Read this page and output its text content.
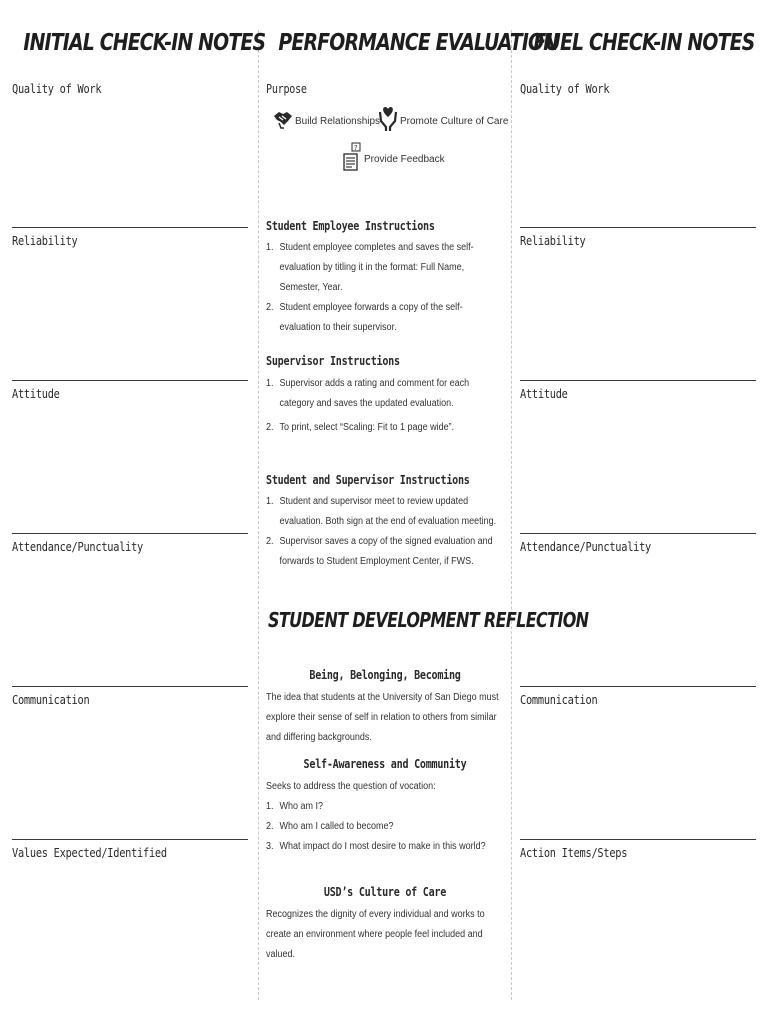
INITIAL CHECK-IN NOTES
Quality of Work
Reliability
Attitude
Attendance/Punctuality
Communication
Values Expected/Identified
FUEL CHECK-IN NOTES
Quality of Work
Reliability
Attitude
Attendance/Punctuality
Communication
Action Items/Steps
PERFORMANCE EVALUATION
Purpose
Build Relationships Promote Culture of Care
?
Provide Feedback
Student Employee Instructions
1. Student employee completes and saves the self-evaluation by titling it in the format: Full Name, Semester, Year.
2. Student employee forwards a copy of the self-evaluation to their supervisor.
Supervisor Instructions
1. Supervisor adds a rating and comment for each category and saves the updated evaluation.
2. To print, select “Scaling: Fit to 1 page wide”.
Student and Supervisor Instructions
1. Student and supervisor meet to review updated evaluation. Both sign at the end of evaluation meeting.
2. Supervisor saves a copy of the signed evaluation and forwards to Student Employment Center, if FWS.
STUDENT DEVELOPMENT REFLECTION
Being, Belonging, Becoming
The idea that students at the University of San Diego must explore their sense of self in relation to others from similar and differing backgrounds.
Self-Awareness and Community
Seeks to address the question of vocation:
1. Who am I?
2. Who am I called to become?
3. What impact do I most desire to make in this world?
USD’s Culture of Care
Recognizes the dignity of every individual and works to create an environment where people feel included and valued.
